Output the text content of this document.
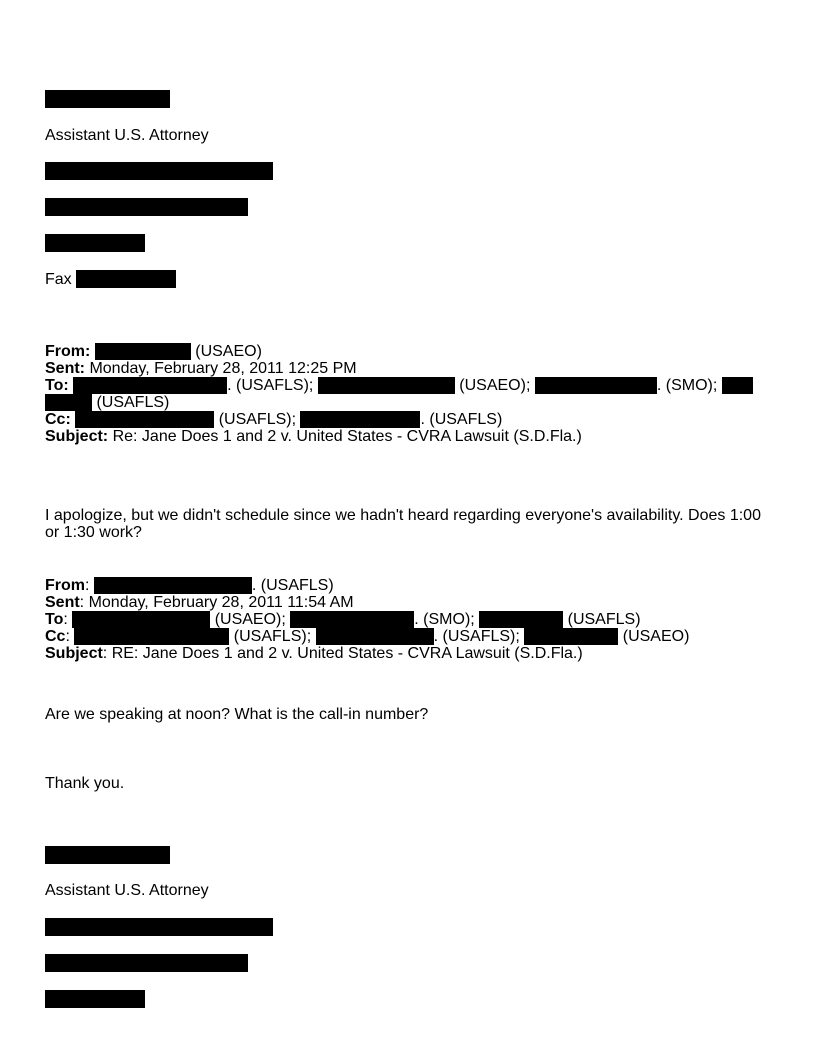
Assistant U.S. Attorney
Fax
From:	(USAEO)
Sent: Monday, February 28, 2011 12:25 PM
To:	. (USAFLS);	(USAEO);	. (SMO);
(USAFLS)
Cc:	(USAFLS);	. (USAFLS)
Subject: Re: Jane Does 1 and 2 v. United States - CVRA Lawsuit (S.D.Fla.)
I apologize, but we didn't schedule since we hadn't heard regarding everyone's availability. Does 1:00
or 1:30 work?
From:	. (USAFLS)
Sent: Monday, February 28, 2011 11:54 AM
To:	(USAEO);	. (SMO);	(USAFLS)
Cc:	(USAFLS);	. (USAFLS);	(USAEO)
Subject: RE: Jane Does 1 and 2 v. United States - CVRA Lawsuit (S.D.Fla.)
Are we speaking at noon? What is the call-in number?
Thank you.
Assistant U.S. Attorney
